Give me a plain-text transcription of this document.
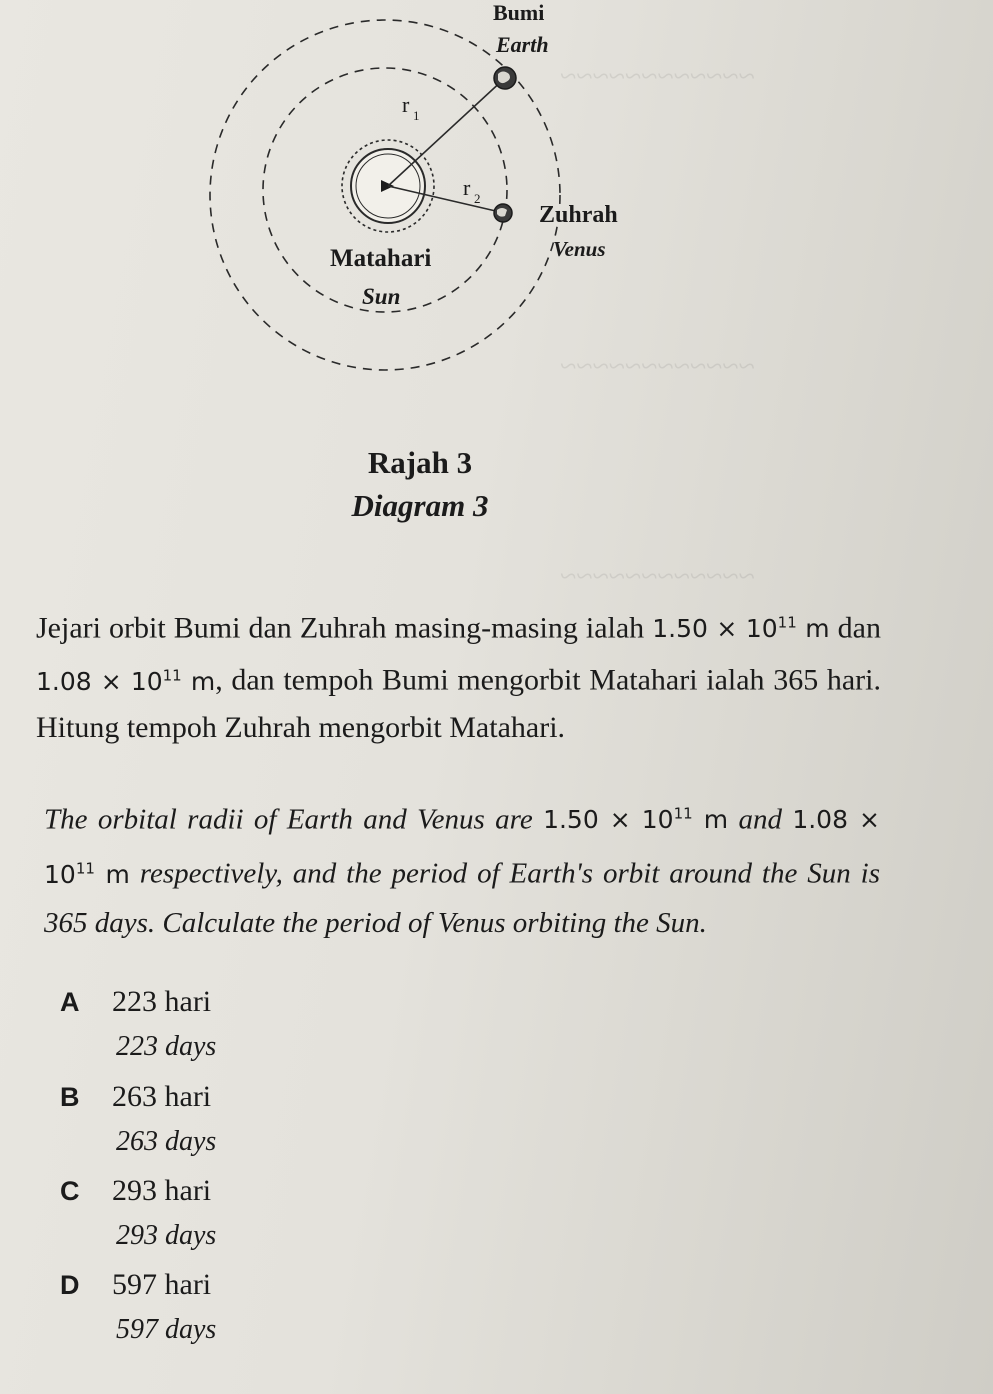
~~~~~~~~~~~~
~~~~~~~~~~~~
~~~~~~~~~~~~
Bumi
Earth
r 1
r 2
Zuhrah
Venus
Matahari
Sun
Rajah 3
Diagram 3

Jejari orbit Bumi dan Zuhrah masing-masing ialah $1.50 \times 10^{11}$ m dan $1.08 \times 10^{11}$ m, dan tempoh Bumi mengorbit Matahari ialah 365 hari. Hitung tempoh Zuhrah mengorbit Matahari.

The orbital radii of Earth and Venus are $1.50 \times 10^{11}$ m and $1.08 \times 10^{11}$ m respectively, and the period of Earth's orbit around the Sun is 365 days. Calculate the period of Venus orbiting the Sun.

A 223 hari
223 days
B 263 hari
263 days
C 293 hari
293 days
D 597 hari
597 days
